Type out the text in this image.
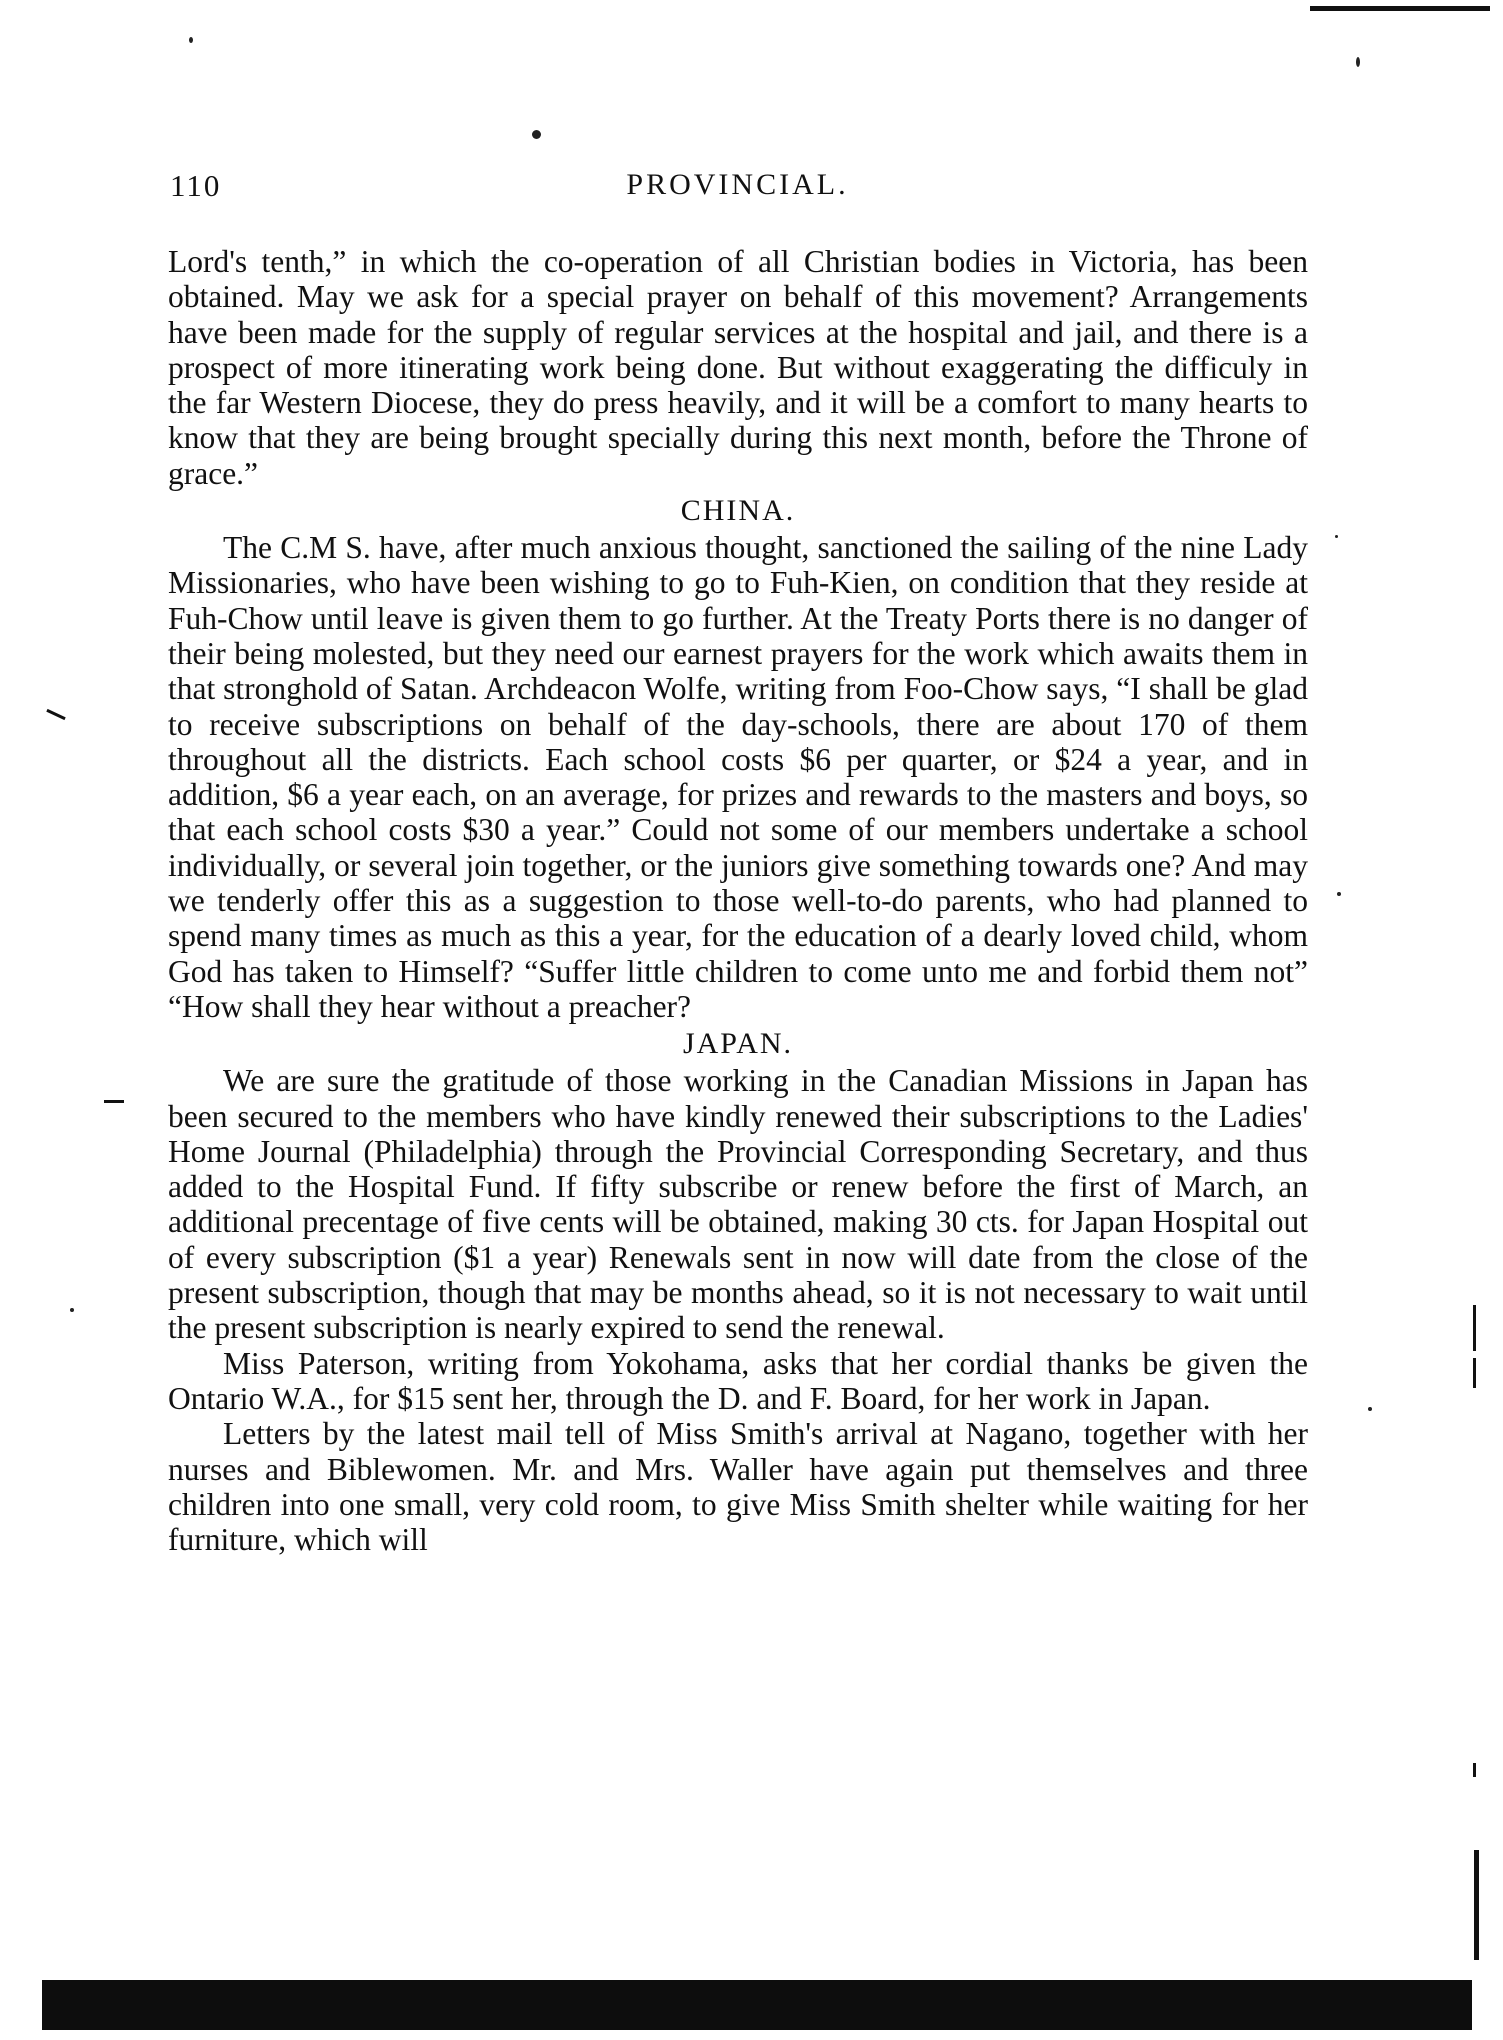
110	PROVINCIAL.

Lord's tenth,” in which the co-operation of all Christian bodies in Victoria, has been obtained. May we ask for a special prayer on behalf of this movement? Arrangements have been made for the supply of regular services at the hospital and jail, and there is a prospect of more itinerating work being done. But without exaggerating the difficuly in the far Western Diocese, they do press heavily, and it will be a comfort to many hearts to know that they are being brought specially during this next month, before the Throne of grace.”

CHINA.

The C.M S. have, after much anxious thought, sanctioned the sailing of the nine Lady Missionaries, who have been wishing to go to Fuh-Kien, on condition that they reside at Fuh-Chow until leave is given them to go further. At the Treaty Ports there is no danger of their being molested, but they need our earnest prayers for the work which awaits them in that stronghold of Satan. Archdeacon Wolfe, writing from Foo-Chow says, “I shall be glad to receive subscriptions on behalf of the day-schools, there are about 170 of them throughout all the districts. Each school costs $6 per quarter, or $24 a year, and in addition, $6 a year each, on an average, for prizes and rewards to the masters and boys, so that each school costs $30 a year.” Could not some of our members undertake a school individually, or several join together, or the juniors give something towards one? And may we tenderly offer this as a suggestion to those well-to-do parents, who had planned to spend many times as much as this a year, for the education of a dearly loved child, whom God has taken to Himself? “Suffer little children to come unto me and forbid them not” “How shall they hear without a preacher?

JAPAN.

We are sure the gratitude of those working in the Canadian Missions in Japan has been secured to the members who have kindly renewed their subscriptions to the Ladies' Home Journal (Philadelphia) through the Provincial Corresponding Secretary, and thus added to the Hospital Fund. If fifty subscribe or renew before the first of March, an additional precentage of five cents will be obtained, making 30 cts. for Japan Hospital out of every subscription ($1 a year) Renewals sent in now will date from the close of the present subscription, though that may be months ahead, so it is not necessary to wait until the present subscription is nearly expired to send the renewal.

Miss Paterson, writing from Yokohama, asks that her cordial thanks be given the Ontario W.A., for $15 sent her, through the D. and F. Board, for her work in Japan.

Letters by the latest mail tell of Miss Smith's arrival at Nagano, together with her nurses and Biblewomen. Mr. and Mrs. Waller have again put themselves and three children into one small, very cold room, to give Miss Smith shelter while waiting for her furniture, which will
